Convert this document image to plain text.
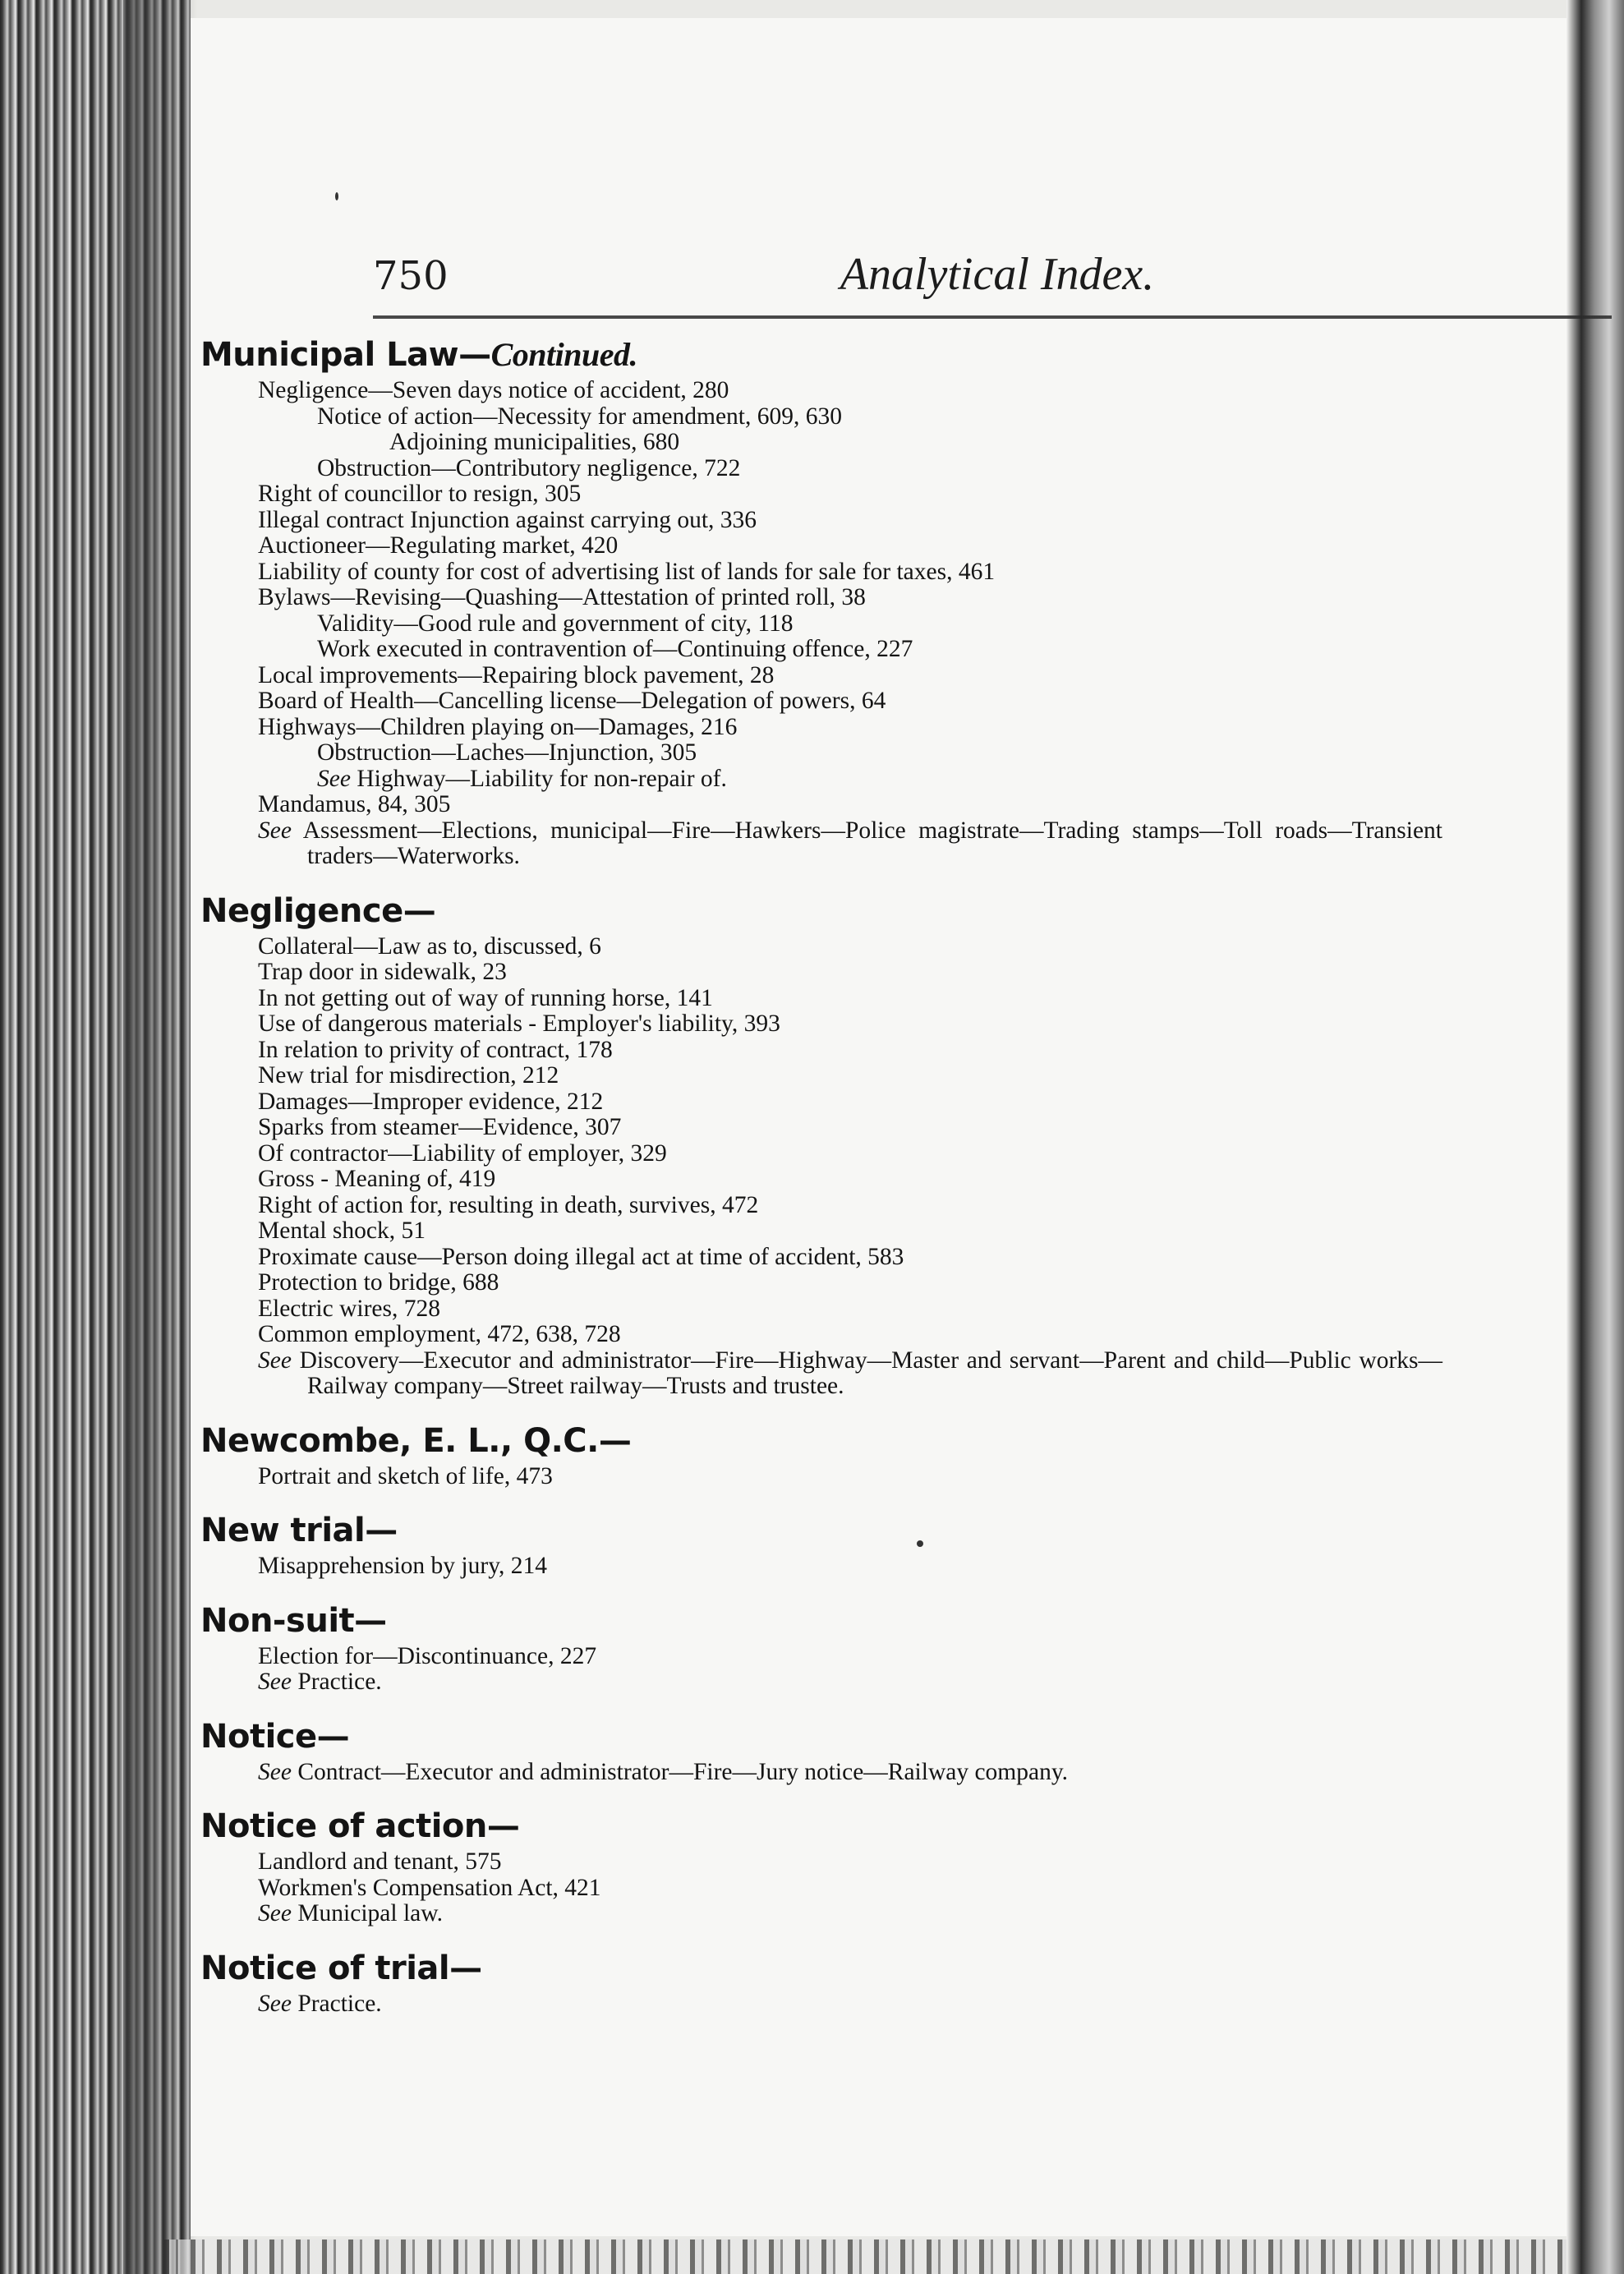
750	Analytical Index.

Municipal Law—Continued.

Negligence—Seven days notice of accident, 280

Notice of action—Necessity for amendment, 609, 630

Adjoining municipalities, 680

Obstruction—Contributory negligence, 722

Right of councillor to resign, 305

Illegal contract Injunction against carrying out, 336

Auctioneer—Regulating market, 420

Liability of county for cost of advertising list of lands for sale for taxes, 461

Bylaws—Revising—Quashing—Attestation of printed roll, 38

Validity—Good rule and government of city, 118

Work executed in contravention of—Continuing offence, 227

Local improvements—Repairing block pavement, 28

Board of Health—Cancelling license—Delegation of powers, 64

Highways—Children playing on—Damages, 216

Obstruction—Laches—Injunction, 305

See Highway—Liability for non-repair of.

Mandamus, 84, 305

See Assessment—Elections, municipal—Fire—Hawkers—Police magistrate—Trading stamps—Toll roads—Transient traders—Waterworks.

Negligence—

Collateral—Law as to, discussed, 6

Trap door in sidewalk, 23

In not getting out of way of running horse, 141

Use of dangerous materials - Employer's liability, 393

In relation to privity of contract, 178

New trial for misdirection, 212

Damages—Improper evidence, 212

Sparks from steamer—Evidence, 307

Of contractor—Liability of employer, 329

Gross - Meaning of, 419

Right of action for, resulting in death, survives, 472

Mental shock, 51

Proximate cause—Person doing illegal act at time of accident, 583

Protection to bridge, 688

Electric wires, 728

Common employment, 472, 638, 728

See Discovery—Executor and administrator—Fire—Highway—Master and servant—Parent and child—Public works—Railway company—Street railway—Trusts and trustee.

Newcombe, E. L., Q.C.—

Portrait and sketch of life, 473

New trial—

Misapprehension by jury, 214

Non-suit—

Election for—Discontinuance, 227

See Practice.

Notice—

See Contract—Executor and administrator—Fire—Jury notice—Railway company.

Notice of action—

Landlord and tenant, 575

Workmen's Compensation Act, 421

See Municipal law.

Notice of trial—

See Practice.
